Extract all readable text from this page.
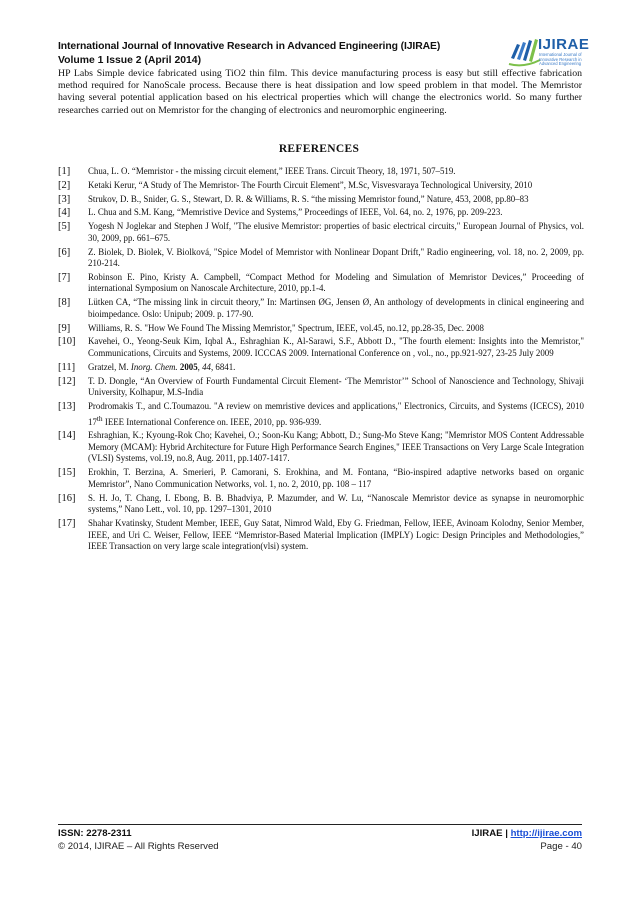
International Journal of Innovative Research in Advanced Engineering (IJIRAE)
Volume 1 Issue 2 (April 2014)
IJIRAE
International Journal of Innovative Research in Advanced Engineering

HP Labs Simple device fabricated using TiO2 thin film. This device manufacturing process is easy but still effective fabrication method required for NanoScale process. Because there is heat dissipation and low speed problem in that model. The Memristor having several potential application based on his electrical properties which will change the electronics world. So many further researches carried out on Memristor for the changing of electronics and neuromorphic engineering.

REFERENCES
[1]	Chua, L. O. “Memristor - the missing circuit element,” IEEE Trans. Circuit Theory, 18, 1971, 507–519.
[2]	Ketaki Kerur, “A Study of The Memristor- The Fourth Circuit Element”, M.Sc, Visvesvaraya Technological University, 2010
[3]	Strukov, D. B., Snider, G. S., Stewart, D. R. & Williams, R. S. “the missing Memristor found,” Nature, 453, 2008, pp.80–83
[4]	L. Chua and S.M. Kang, “Memristive Device and Systems,” Proceedings of IEEE, Vol. 64, no. 2, 1976, pp. 209-223.
[5]	Yogesh N Joglekar and Stephen J Wolf, "The elusive Memristor: properties of basic electrical circuits," European Journal of Physics, vol. 30, 2009, pp. 661–675.
[6]	Z. Biolek, D. Biolek, V. Biolková, "Spice Model of Memristor with Nonlinear Dopant Drift," Radio engineering, vol. 18, no. 2, 2009, pp. 210-214.
[7]	Robinson E. Pino, Kristy A. Campbell, “Compact Method for Modeling and Simulation of Memristor Devices,” Proceeding of international Symposium on Nanoscale Architecture, 2010, pp.1-4.
[8]	Lütken CA, “The missing link in circuit theory,” In: Martinsen ØG, Jensen Ø, An anthology of developments in clinical engineering and bioimpedance. Oslo: Unipub; 2009. p. 177-90.
[9]	Williams, R. S. "How We Found The Missing Memristor," Spectrum, IEEE, vol.45, no.12, pp.28-35, Dec. 2008
[10]	Kavehei, O., Yeong-Seuk Kim, Iqbal A., Eshraghian K., Al-Sarawi, S.F., Abbott D., "The fourth element: Insights into the Memristor," Communications, Circuits and Systems, 2009. ICCCAS 2009. International Conference on , vol., no., pp.921-927, 23-25 July 2009
[11]	Gratzel, M. Inorg. Chem. 2005, 44, 6841.
[12]	T. D. Dongle, “An Overview of Fourth Fundamental Circuit Element- ‘The Memristor’” School of Nanoscience and Technology, Shivaji University, Kolhapur, M.S-India
[13]	Prodromakis T., and C.Toumazou. "A review on memristive devices and applications," Electronics, Circuits, and Systems (ICECS), 2010 17th IEEE International Conference on. IEEE, 2010, pp. 936-939.
[14]	Eshraghian, K.; Kyoung-Rok Cho; Kavehei, O.; Soon-Ku Kang; Abbott, D.; Sung-Mo Steve Kang; "Memristor MOS Content Addressable Memory (MCAM): Hybrid Architecture for Future High Performance Search Engines," IEEE Transactions on Very Large Scale Integration (VLSI) Systems, vol.19, no.8, Aug. 2011, pp.1407-1417.
[15]	Erokhin, T. Berzina, A. Smerieri, P. Camorani, S. Erokhina, and M. Fontana, “Bio-inspired adaptive networks based on organic Memristor”, Nano Communication Networks, vol. 1, no. 2, 2010, pp. 108 – 117
[16]	S. H. Jo, T. Chang, I. Ebong, B. B. Bhadviya, P. Mazumder, and W. Lu, “Nanoscale Memristor device as synapse in neuromorphic systems,” Nano Lett., vol. 10, pp. 1297–1301, 2010
[17]	Shahar Kvatinsky, Student Member, IEEE, Guy Satat, Nimrod Wald, Eby G. Friedman, Fellow, IEEE, Avinoam Kolodny, Senior Member, IEEE, and Uri C. Weiser, Fellow, IEEE “Memristor-Based Material Implication (IMPLY) Logic: Design Principles and Methodologies,” IEEE Transaction on very large scale integration(vlsi) system.
ISSN: 2278-2311
© 2014, IJIRAE – All Rights Reserved
IJIRAE | http://ijirae.com
Page - 40
